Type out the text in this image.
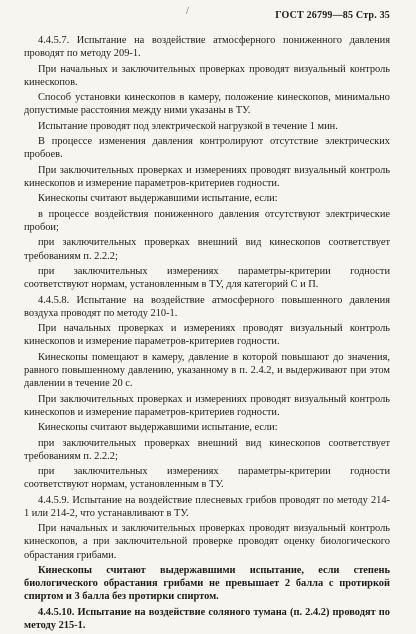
/	ГОСТ 26799—85 Стр. 35

4.4.5.7. Испытание на воздействие атмосферного пониженного давления проводят по методу 209-1.

При начальных и заключительных проверках проводят визуальный контроль кинескопов.

Способ установки кинескопов в камеру, положение кинескопов, минимально допустимые расстояния между ними указаны в ТУ.

Испытание проводят под электрической нагрузкой в течение 1 мин.

В процессе изменения давления контролируют отсутствие электрических пробоев.

При заключительных проверках и измерениях проводят визуальный контроль кинескопов и измерение параметров-критериев годности.

Кинескопы считают выдержавшими испытание, если:

в процессе воздействия пониженного давления отсутствуют электрические пробои;

при заключительных проверках внешний вид кинескопов соответствует требованиям п. 2.2.2;

при заключительных измерениях параметры-критерии годности соответствуют нормам, установленным в ТУ, для категорий С и П.

4.4.5.8. Испытание на воздействие атмосферного повышенного давления воздуха проводят по методу 210-1.

При начальных проверках и измерениях проводят визуальный контроль кинескопов и измерение параметров-критериев годности.

Кинескопы помещают в камеру, давление в которой повышают до значения, равного повышенному давлению, указанному в п. 2.4.2, и выдерживают при этом давлении в течение 20 с.

При заключительных проверках и измерениях проводят визуальный контроль кинескопов и измерение параметров-критериев годности.

Кинескопы считают выдержавшими испытание, если:

при заключительных проверках внешний вид кинескопов соответствует требованиям п. 2.2.2;

при заключительных измерениях параметры-критерии годности соответствуют нормам, установленным в ТУ.

4.4.5.9. Испытание на воздействие плесневых грибов проводят по методу 214-1 или 214-2, что устанавливают в ТУ.

При начальных и заключительных проверках проводят визуальный контроль кинескопов, а при заключительной проверке проводят оценку биологического обрастания грибами.

Кинескопы считают выдержавшими испытание, если степень биологического обрастания грибами не превышает 2 балла с протиркой спиртом и 3 балла без протирки спиртом.

4.4.5.10. Испытание на воздействие соляного тумана (п. 2.4.2) проводят по методу 215-1.
